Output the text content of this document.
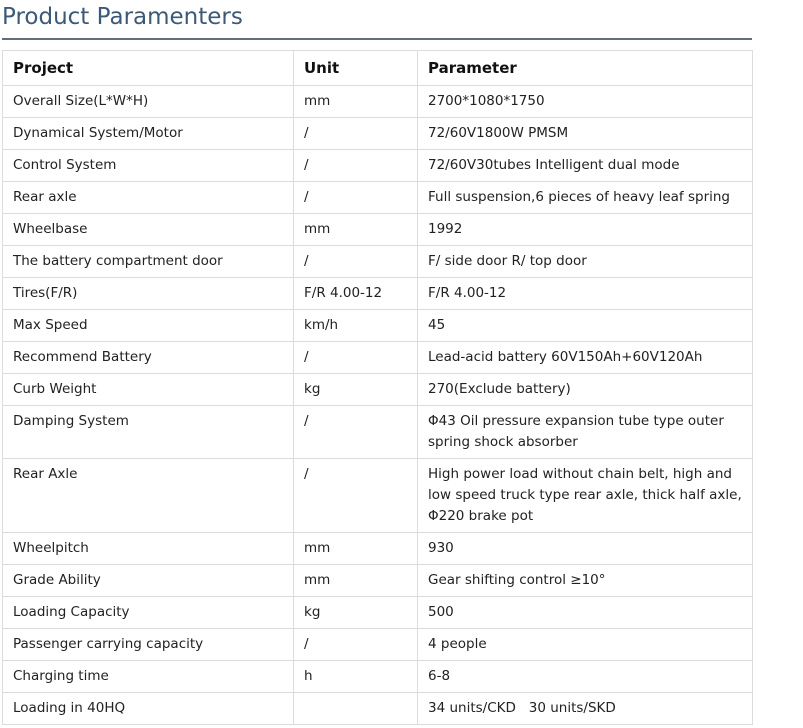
Product Paramenters
Project	Unit	Parameter
Overall Size(L*W*H)	mm	2700*1080*1750
Dynamical System/Motor	/	72/60V1800W PMSM
Control System	/	72/60V30tubes Intelligent dual mode
Rear axle	/	Full suspension,6 pieces of heavy leaf spring
Wheelbase	mm	1992
The battery compartment door	/	F/ side door R/ top door
Tires(F/R)	F/R 4.00-12	F/R 4.00-12
Max Speed	km/h	45
Recommend Battery	/	Lead-acid battery 60V150Ah+60V120Ah
Curb Weight	kg	270(Exclude battery)
Damping System	/	Φ43 Oil pressure expansion tube type outer spring shock absorber
Rear Axle	/	High power load without chain belt, high and low speed truck type rear axle, thick half axle, Φ220 brake pot
Wheelpitch	mm	930
Grade Ability	mm	Gear shifting control ≥10°
Loading Capacity	kg	500
Passenger carrying capacity	/	4 people
Charging time	h	6-8
Loading in 40HQ		34 units/CKD   30 units/SKD
